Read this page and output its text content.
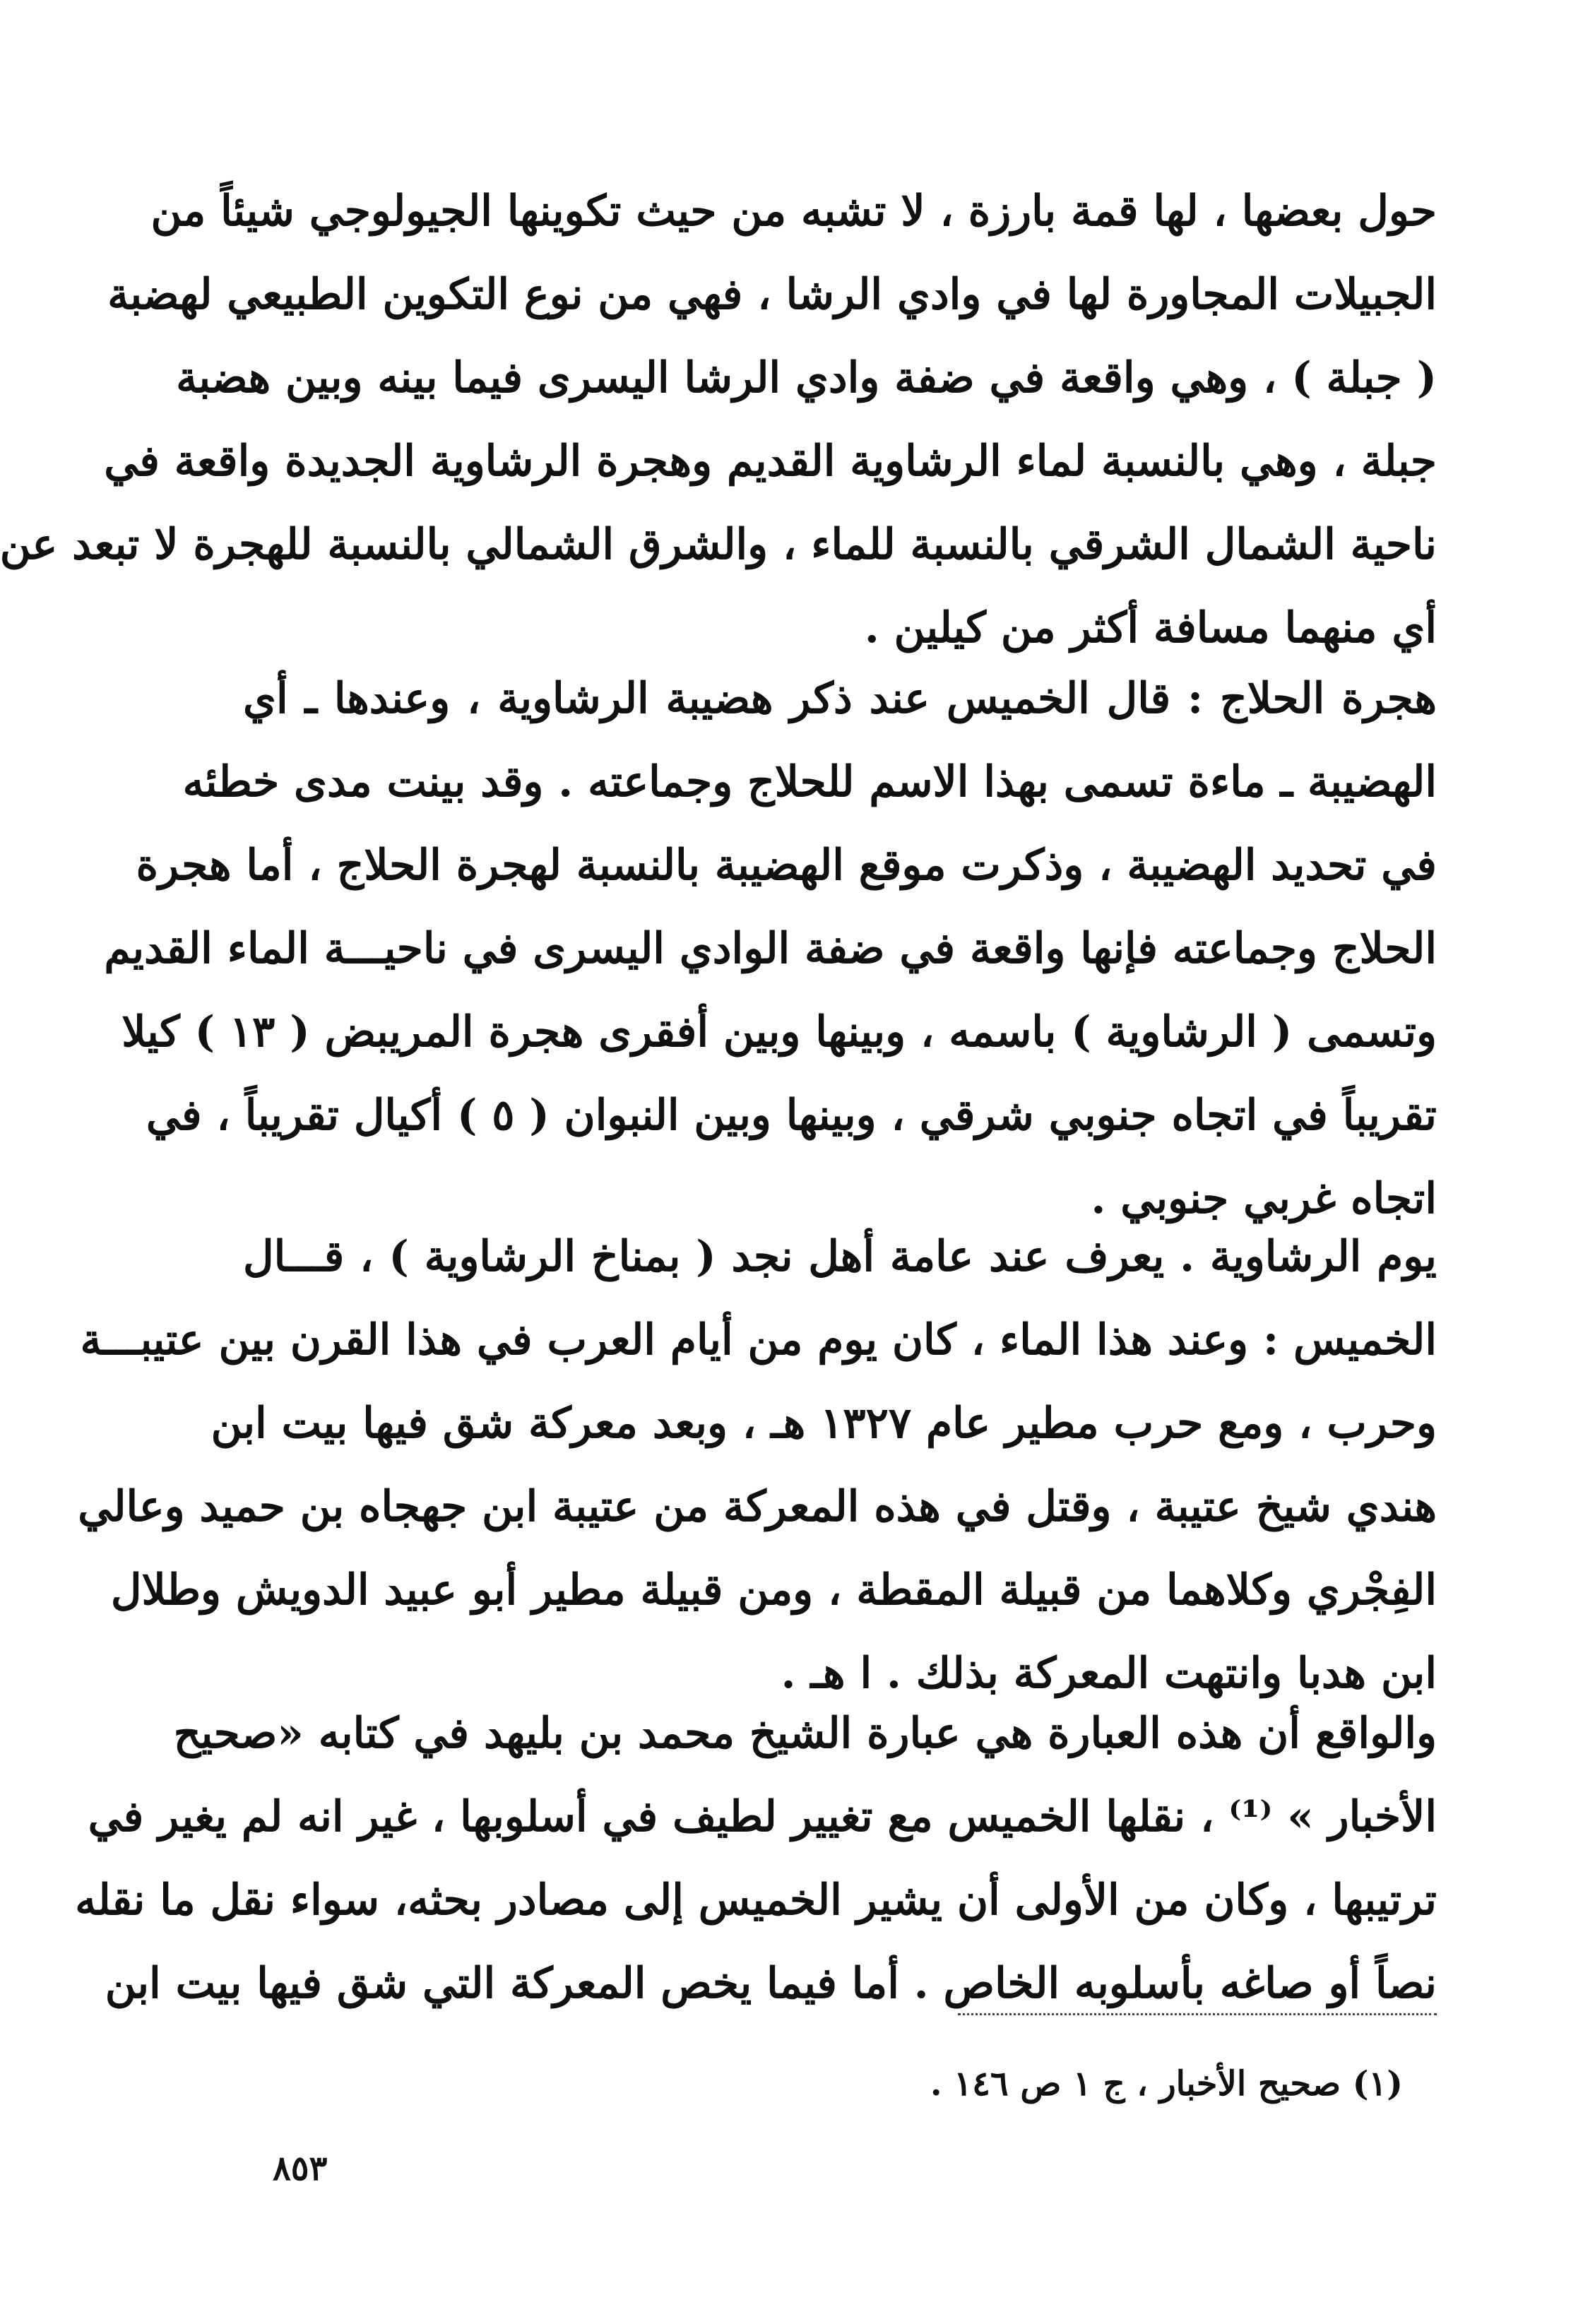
حول بعضها ، لها قمة بارزة ، لا تشبه من حيث تكوينها الجيولوجي شيئاً من
الجبيلات المجاورة لها في وادي الرشا ، فهي من نوع التكوين الطبيعي لهضبة
( جبلة ) ، وهي واقعة في ضفة وادي الرشا اليسرى فيما بينه وبين هضبة
جبلة ، وهي بالنسبة لماء الرشاوية القديم وهجرة الرشاوية الجديدة واقعة في
ناحية الشمال الشرقي بالنسبة للماء ، والشرق الشمالي بالنسبة للهجرة لا تبعد عن
أي منهما مسافة أكثر من كيلين .
هجرة الحلاج : قال الخميس عند ذكر هضيبة الرشاوية ، وعندها ـ أي
الهضيبة ـ ماءة تسمى بهذا الاسم للحلاج وجماعته . وقد بينت مدى خطئه
في تحديد الهضيبة ، وذكرت موقع الهضيبة بالنسبة لهجرة الحلاج ، أما هجرة
الحلاج وجماعته فإنها واقعة في ضفة الوادي اليسرى في ناحيـــة الماء القديم
وتسمى ( الرشاوية ) باسمه ، وبينها وبين أفقرى هجرة المريبض ( ١٣ ) كيلا
تقريباً في اتجاه جنوبي شرقي ، وبينها وبين النبوان ( ٥ ) أكيال تقريباً ، في
اتجاه غربي جنوبي .
يوم الرشاوية . يعرف عند عامة أهل نجد ( بمناخ الرشاوية ) ، قـــال
الخميس : وعند هذا الماء ، كان يوم من أيام العرب في هذا القرن بين عتيبـــة
وحرب ، ومع حرب مطير عام ١٣٢٧ هـ ، وبعد معركة شق فيها بيت ابن
هندي شيخ عتيبة ، وقتل في هذه المعركة من عتيبة ابن جهجاه بن حميد وعالي
الفِجْري وكلاهما من قبيلة المقطة ، ومن قبيلة مطير أبو عبيد الدويش وطلال
ابن هدبا وانتهت المعركة بذلك . ا هـ .
والواقع أن هذه العبارة هي عبارة الشيخ محمد بن بليهد في كتابه «صحيح
الأخبار » ⁽¹⁾ ، نقلها الخميس مع تغيير لطيف في أسلوبها ، غير انه لم يغير في
ترتيبها ، وكان من الأولى أن يشير الخميس إلى مصادر بحثه، سواء نقل ما نقله
نصاً أو صاغه بأسلوبه الخاص . أما فيما يخص المعركة التي شق فيها بيت ابن
(١) صحيح الأخبار ، ج ١ ص ١٤٦ .
٨٥٣
